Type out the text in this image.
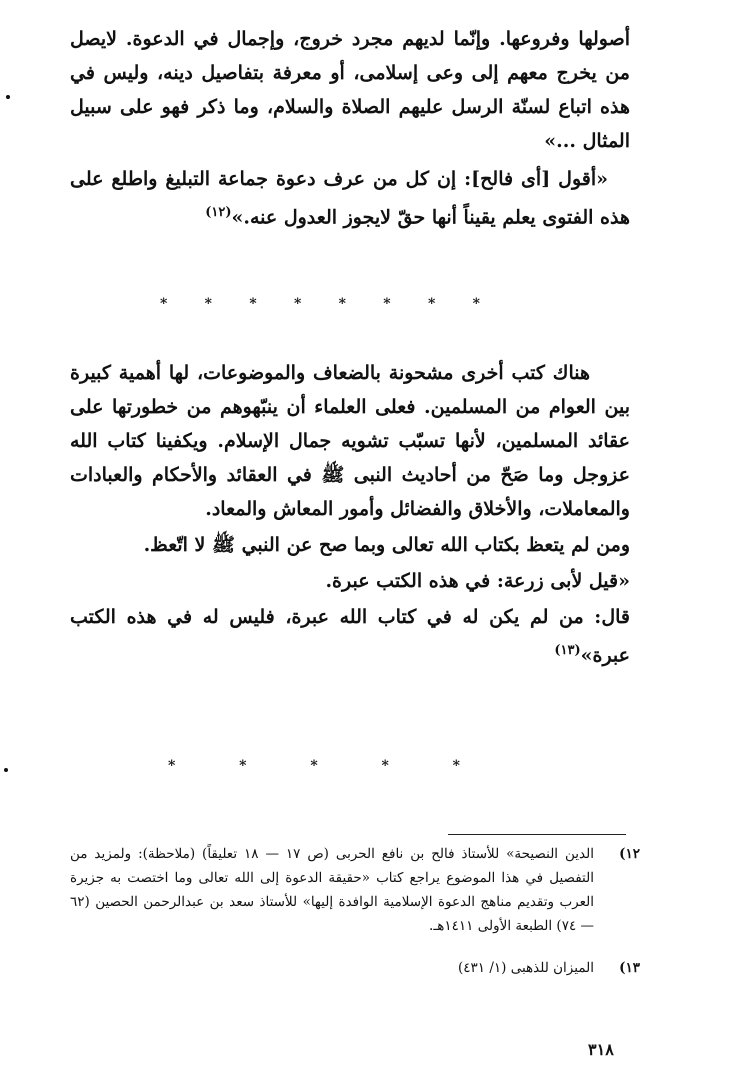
أصولها وفروعها. وإنّما لديهم مجرد خروج، وإجمال في الدعوة. لايصل من يخرج معهم إلى وعى إسلامى، أو معرفة بتفاصيل دينه، وليس في هذه اتباع لسنّة الرسل عليهم الصلاة والسلام، وما ذكر فهو على سبيل المثال ...»

«أقول [أى فالح]: إن كل من عرف دعوة جماعة التبليغ واطلع على هذه الفتوى يعلم يقيناً أنها حقّ لايجوز العدول عنه.»$^{(١٢)}$

*	*	*	*	*	*	*	*

هناك كتب أخرى مشحونة بالضعاف والموضوعات، لها أهمية كبيرة بين العوام من المسلمين. فعلى العلماء أن ينبّهوهم من خطورتها على عقائد المسلمين، لأنها تسبّب تشويه جمال الإسلام. ويكفينا كتاب الله عزوجل وما صَحّ من أحاديث النبى ﷺ في العقائد والأحكام والعبادات والمعاملات، والأخلاق والفضائل وأمور المعاش والمعاد.

ومن لم يتعظ بكتاب الله تعالى وبما صح عن النبي ﷺ لا اتّعظ.

«قيل لأبى زرعة: في هذه الكتب عبرة.

قال: من لم يكن له في كتاب الله عبرة، فليس له في هذه الكتب عبرة»$^{(١٣)}$

*	*	*	*	*
١٢)
الدين النصيحة» للأستاذ فالح بن نافع الحربى (ص ١٧ — ١٨ تعليقاً) (ملاحظة): ولمزيد من التفصيل في هذا الموضوع يراجع كتاب «حقيقة الدعوة إلى الله تعالى وما اختصت به جزيرة العرب وتقديم مناهج الدعوة الإسلامية الوافدة إليها» للأستاذ سعد بن عبدالرحمن الحصين (٦٢ — ٧٤) الطبعة الأولى ١٤١١هـ.
١٣)
الميزان للذهبى (١/ ٤٣١)
٣١٨
